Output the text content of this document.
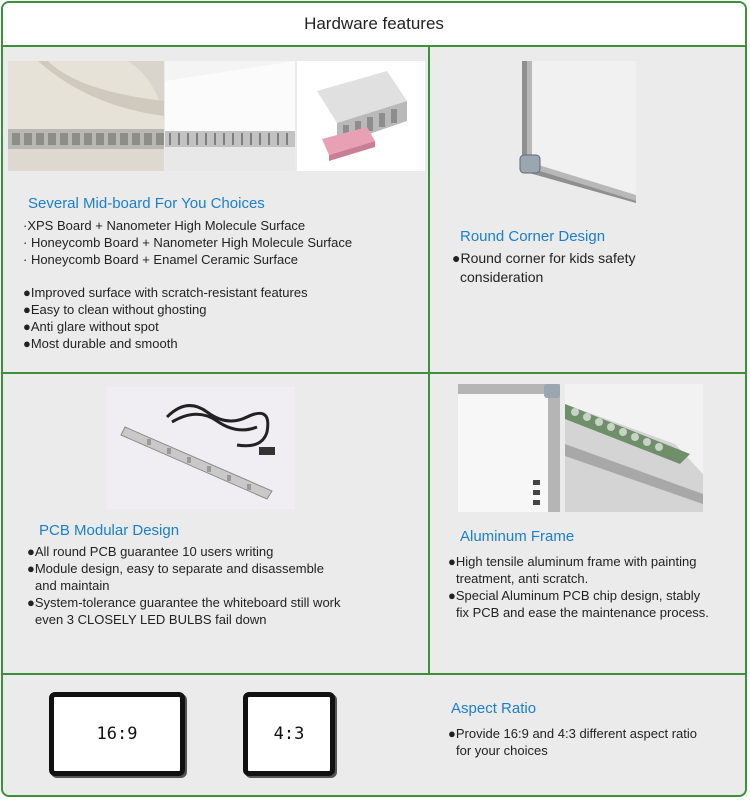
Hardware features
Several Mid-board For You Choices
·XPS Board + Nanometer High Molecule Surface
· Honeycomb Board + Nanometer High Molecule Surface
· Honeycomb Board + Enamel Ceramic Surface
●Improved surface with scratch-resistant features
●Easy to clean without ghosting
●Anti glare without spot
●Most durable and smooth
Round Corner Design
●Round corner for kids safety
consideration
PCB Modular Design
●All round PCB guarantee 10 users writing
●Module design, easy to separate and disassemble
and maintain
●System-tolerance guarantee the whiteboard still work
even 3 CLOSELY LED BULBS fail down
Aluminum Frame
●High tensile aluminum frame with painting
treatment, anti scratch.
●Special Aluminum PCB chip design, stably
fix PCB and ease the maintenance process.
16:9	4:3
Aspect Ratio
●Provide 16:9 and 4:3 different aspect ratio
for your choices
